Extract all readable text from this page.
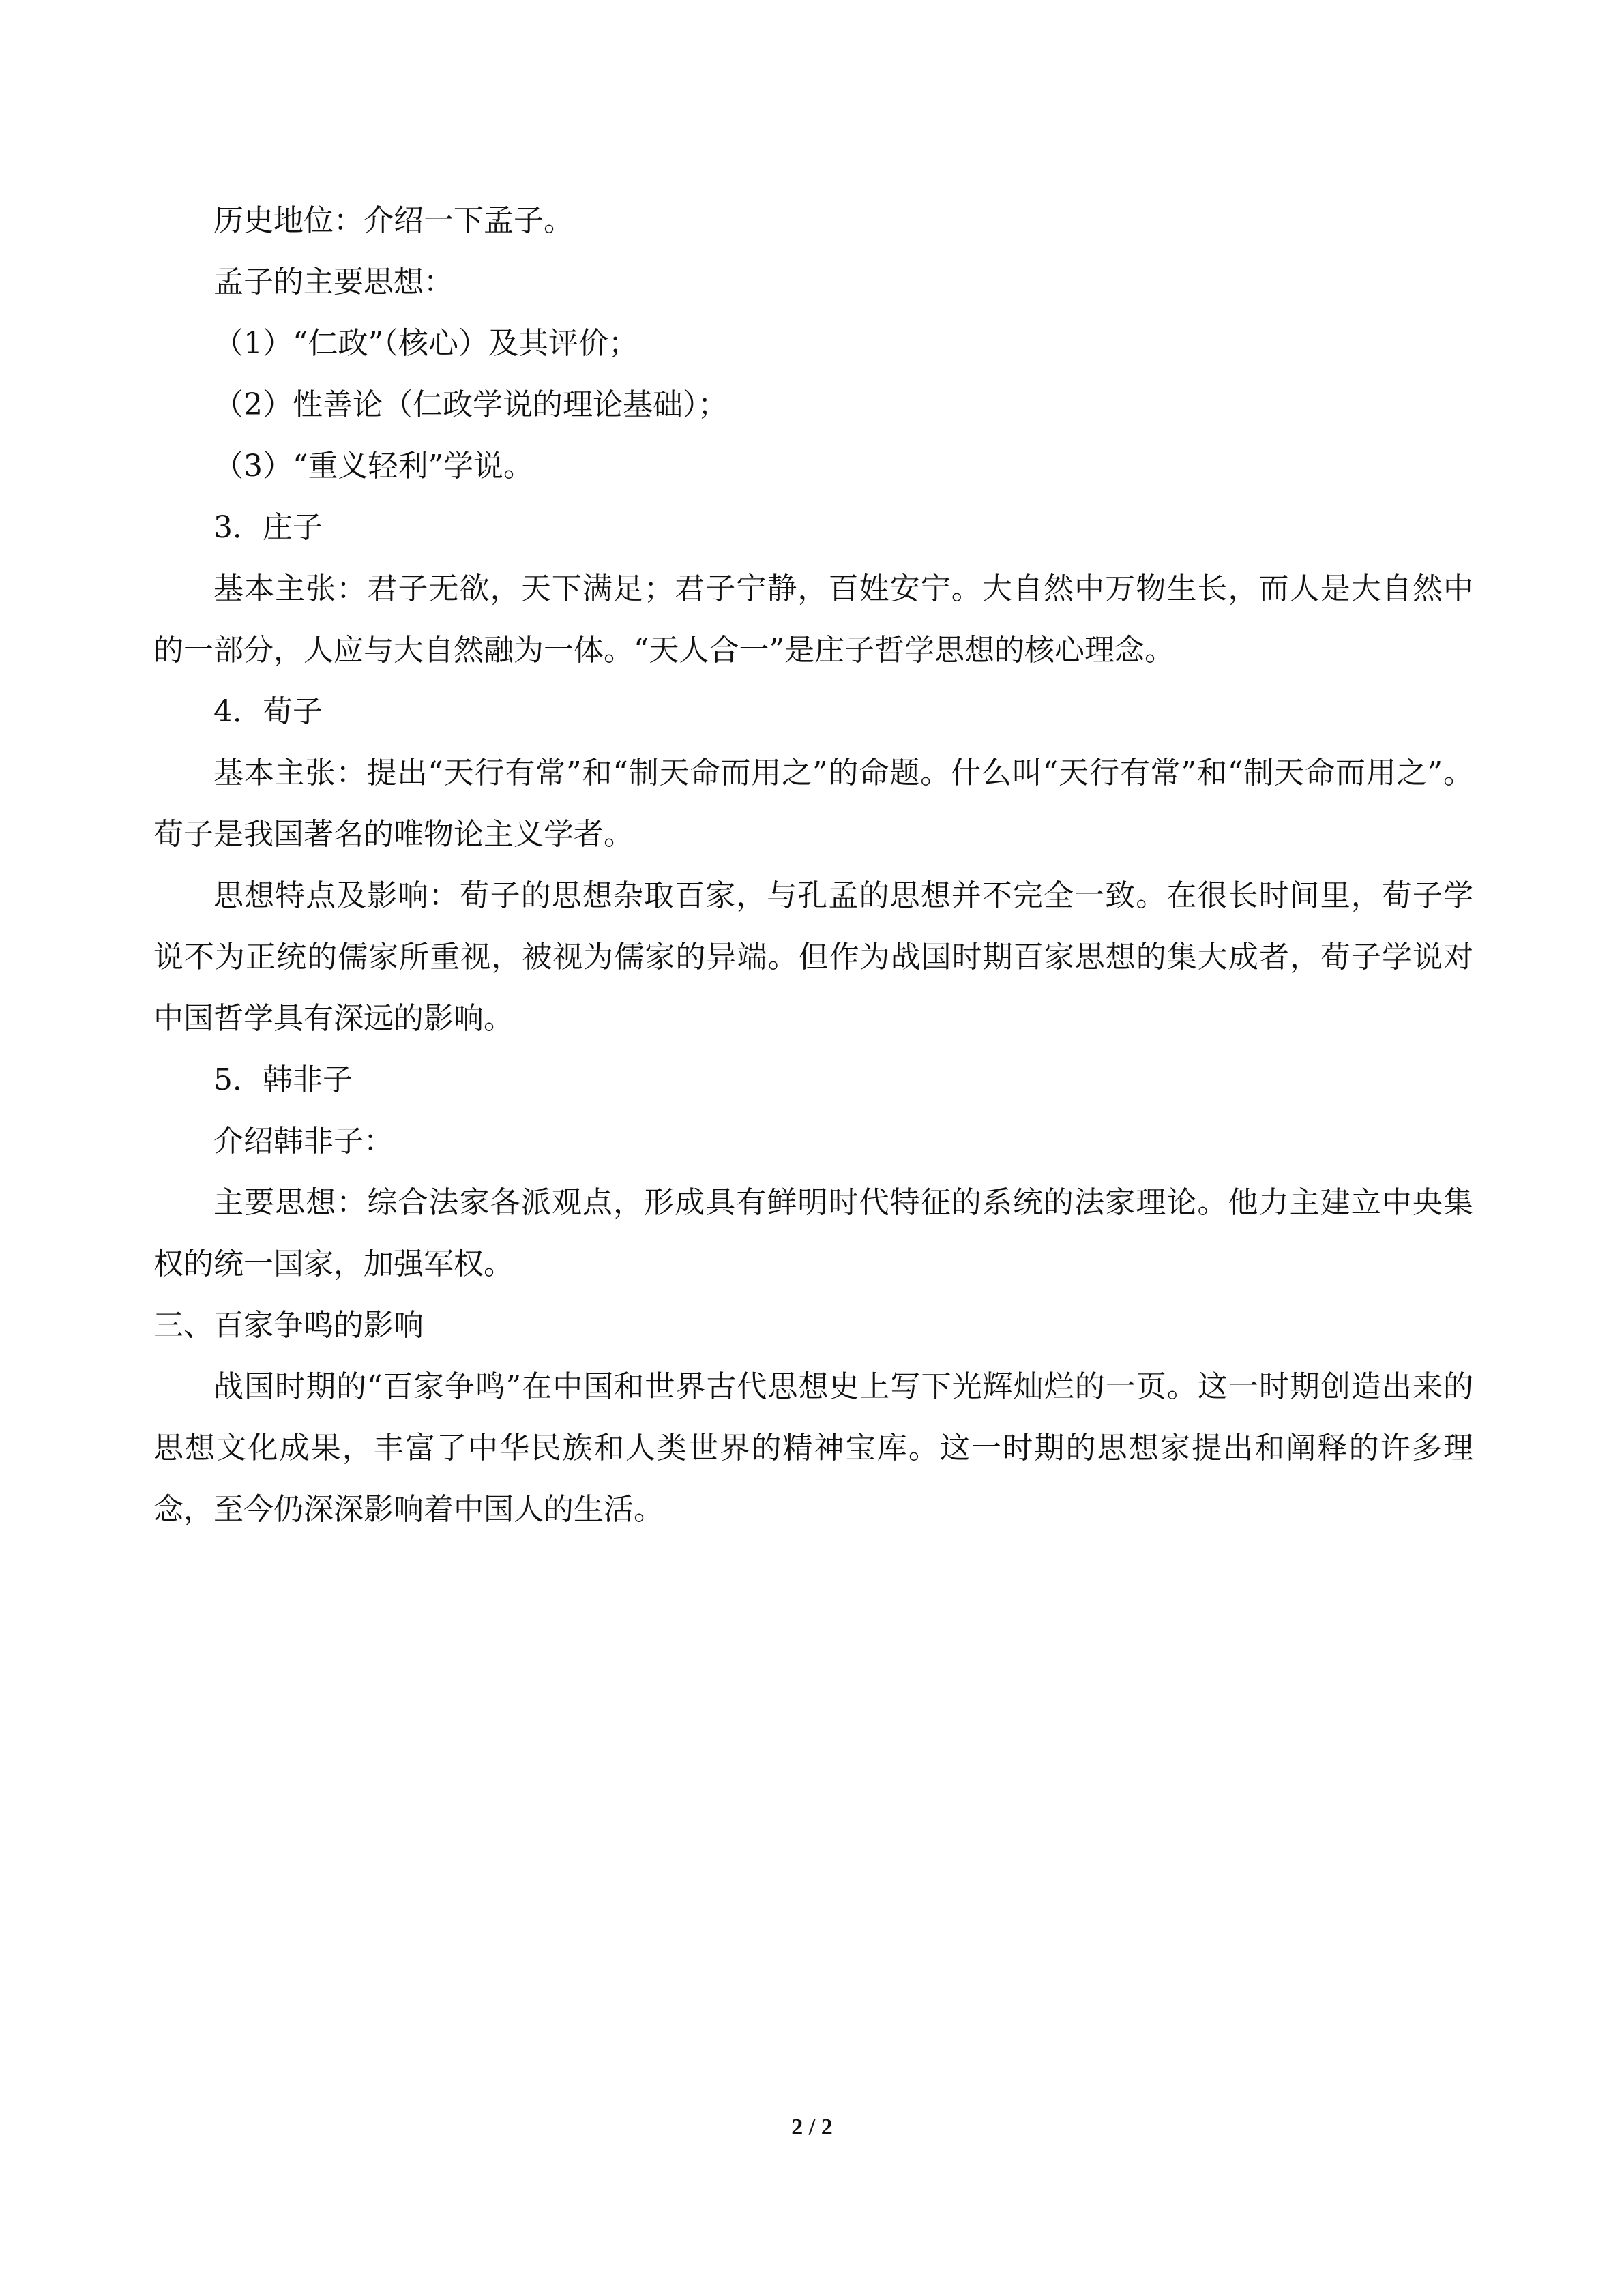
历史地位：介绍一下孟子。
孟子的主要思想：
（1）“仁政”（核心）及其评价；
（2）性善论（仁政学说的理论基础）；
（3）“重义轻利”学说。
3．庄子

基本主张：君子无欲，天下满足；君子宁静，百姓安宁。大自然中万物生长，而人是大自然中的一部分，人应与大自然融为一体。“天人合一”是庄子哲学思想的核心理念。

4．荀子

基本主张：提出“天行有常”和“制天命而用之”的命题。什么叫“天行有常”和“制天命而用之”。荀子是我国著名的唯物论主义学者。

思想特点及影响：荀子的思想杂取百家，与孔孟的思想并不完全一致。在很长时间里，荀子学说不为正统的儒家所重视，被视为儒家的异端。但作为战国时期百家思想的集大成者，荀子学说对中国哲学具有深远的影响。

5．韩非子
介绍韩非子：

主要思想：综合法家各派观点，形成具有鲜明时代特征的系统的法家理论。他力主建立中央集权的统一国家，加强军权。

三、百家争鸣的影响

战国时期的“百家争鸣”在中国和世界古代思想史上写下光辉灿烂的一页。这一时期创造出来的思想文化成果，丰富了中华民族和人类世界的精神宝库。这一时期的思想家提出和阐释的许多理念，至今仍深深影响着中国人的生活。

2 / 2
